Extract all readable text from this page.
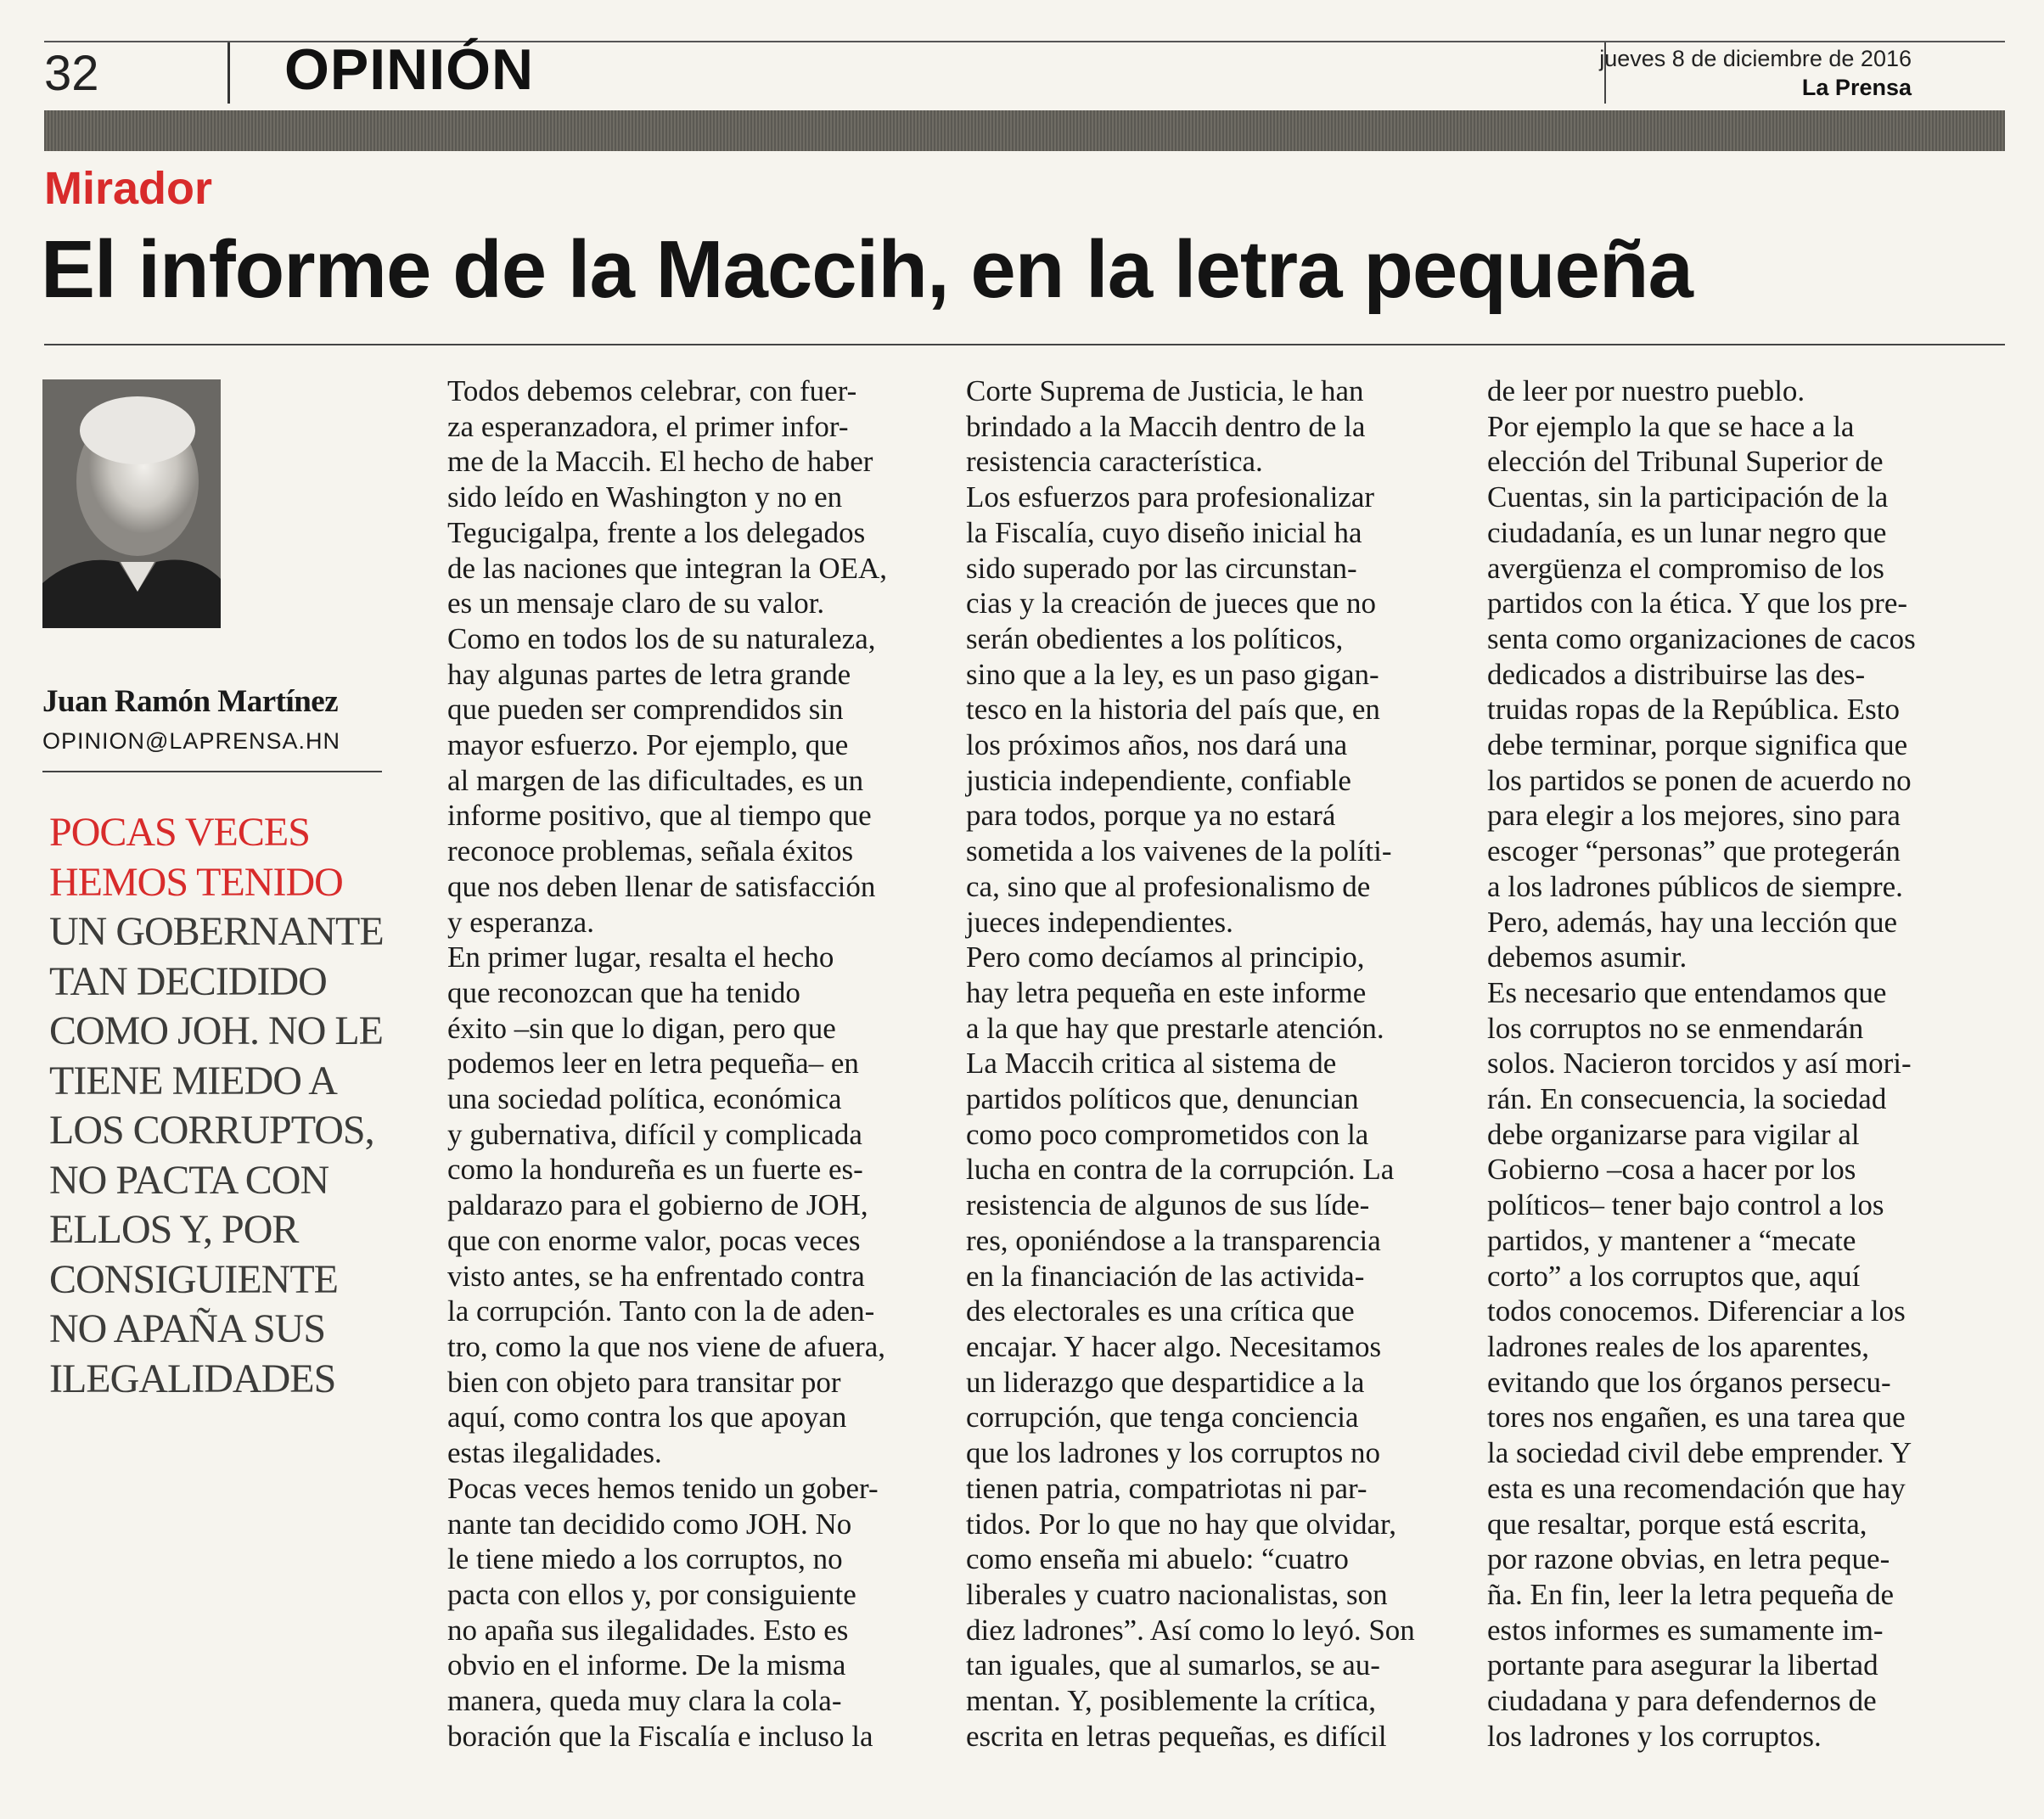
32	OPINIÓN	jueves 8 de diciembre de 2016
La Prensa
Mirador
El informe de la Maccih, en la letra pequeña
Juan Ramón Martínez
OPINION@LAPRENSA.HN
POCAS VECES
HEMOS TENIDO
UN GOBERNANTE
TAN DECIDIDO
COMO JOH. NO LE
TIENE MIEDO A
LOS CORRUPTOS,
NO PACTA CON
ELLOS Y, POR
CONSIGUIENTE
NO APAÑA SUS
ILEGALIDADES
Todos debemos celebrar, con fuer-
za esperanzadora, el primer infor-
me de la Maccih. El hecho de haber
sido leído en Washington y no en
Tegucigalpa, frente a los delegados
de las naciones que integran la OEA,
es un mensaje claro de su valor.
Como en todos los de su naturaleza,
hay algunas partes de letra grande
que pueden ser comprendidos sin
mayor esfuerzo. Por ejemplo, que
al margen de las dificultades, es un
informe positivo, que al tiempo que
reconoce problemas, señala éxitos
que nos deben llenar de satisfacción
y esperanza.
En primer lugar, resalta el hecho
que reconozcan que ha tenido
éxito –sin que lo digan, pero que
podemos leer en letra pequeña– en
una sociedad política, económica
y gubernativa, difícil y complicada
como la hondureña es un fuerte es-
paldarazo para el gobierno de JOH,
que con enorme valor, pocas veces
visto antes, se ha enfrentado contra
la corrupción. Tanto con la de aden-
tro, como la que nos viene de afuera,
bien con objeto para transitar por
aquí, como contra los que apoyan
estas ilegalidades.
Pocas veces hemos tenido un gober-
nante tan decidido como JOH. No
le tiene miedo a los corruptos, no
pacta con ellos y, por consiguiente
no apaña sus ilegalidades. Esto es
obvio en el informe. De la misma
manera, queda muy clara la cola-
boración que la Fiscalía e incluso la
Corte Suprema de Justicia, le han
brindado a la Maccih dentro de la
resistencia característica.
Los esfuerzos para profesionalizar
la Fiscalía, cuyo diseño inicial ha
sido superado por las circunstan-
cias y la creación de jueces que no
serán obedientes a los políticos,
sino que a la ley, es un paso gigan-
tesco en la historia del país que, en
los próximos años, nos dará una
justicia independiente, confiable
para todos, porque ya no estará
sometida a los vaivenes de la políti-
ca, sino que al profesionalismo de
jueces independientes.
Pero como decíamos al principio,
hay letra pequeña en este informe
a la que hay que prestarle atención.
La Maccih critica al sistema de
partidos políticos que, denuncian
como poco comprometidos con la
lucha en contra de la corrupción. La
resistencia de algunos de sus líde-
res, oponiéndose a la transparencia
en la financiación de las activida-
des electorales es una crítica que
encajar. Y hacer algo. Necesitamos
un liderazgo que despartidice a la
corrupción, que tenga conciencia
que los ladrones y los corruptos no
tienen patria, compatriotas ni par-
tidos. Por lo que no hay que olvidar,
como enseña mi abuelo: “cuatro
liberales y cuatro nacionalistas, son
diez ladrones”. Así como lo leyó. Son
tan iguales, que al sumarlos, se au-
mentan. Y, posiblemente la crítica,
escrita en letras pequeñas, es difícil
de leer por nuestro pueblo.
Por ejemplo la que se hace a la
elección del Tribunal Superior de
Cuentas, sin la participación de la
ciudadanía, es un lunar negro que
avergüenza el compromiso de los
partidos con la ética. Y que los pre-
senta como organizaciones de cacos
dedicados a distribuirse las des-
truidas ropas de la República. Esto
debe terminar, porque significa que
los partidos se ponen de acuerdo no
para elegir a los mejores, sino para
escoger “personas” que protegerán
a los ladrones públicos de siempre.
Pero, además, hay una lección que
debemos asumir.
Es necesario que entendamos que
los corruptos no se enmendarán
solos. Nacieron torcidos y así mori-
rán. En consecuencia, la sociedad
debe organizarse para vigilar al
Gobierno –cosa a hacer por los
políticos– tener bajo control a los
partidos, y mantener a “mecate
corto” a los corruptos que, aquí
todos conocemos. Diferenciar a los
ladrones reales de los aparentes,
evitando que los órganos persecu-
tores nos engañen, es una tarea que
la sociedad civil debe emprender. Y
esta es una recomendación que hay
que resaltar, porque está escrita,
por razone obvias, en letra peque-
ña. En fin, leer la letra pequeña de
estos informes es sumamente im-
portante para asegurar la libertad
ciudadana y para defendernos de
los ladrones y los corruptos.
